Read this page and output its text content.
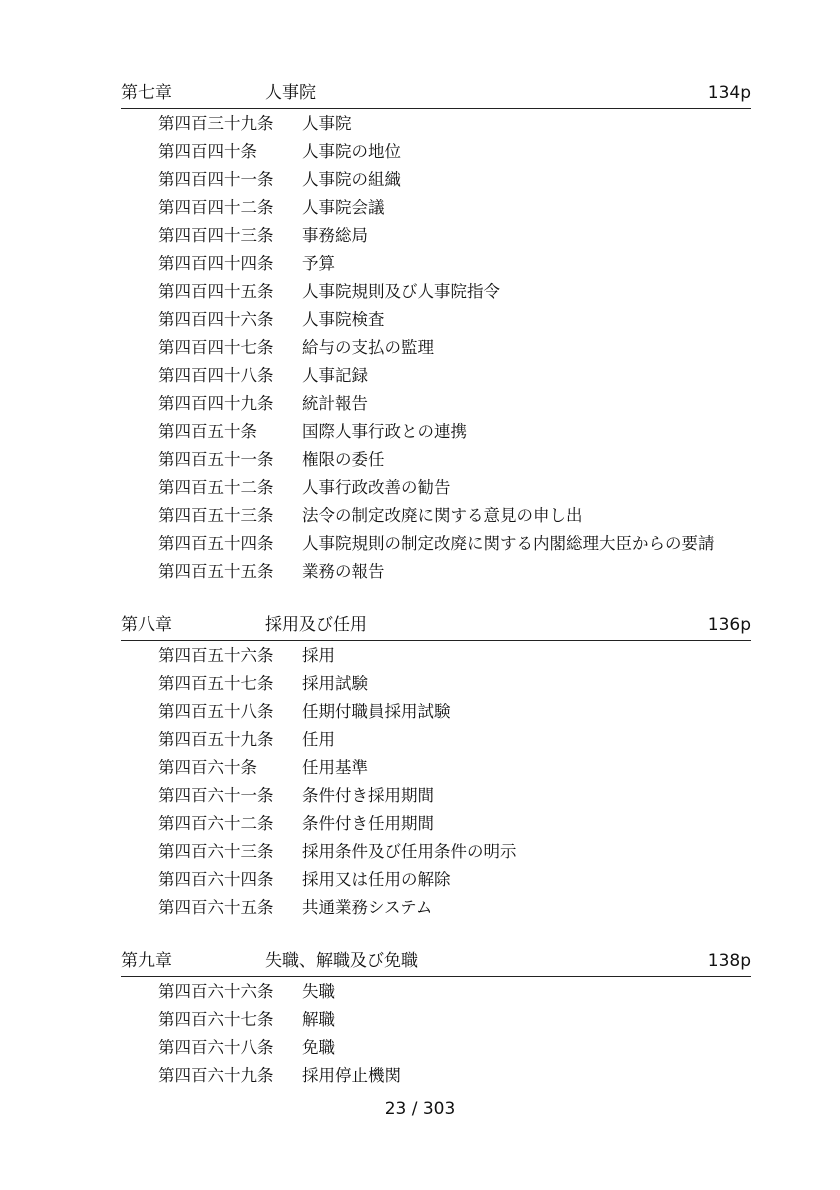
第七章	人事院	134p
第四百三十九条 人事院
第四百四十条	人事院の地位
第四百四十一条 人事院の組織
第四百四十二条 人事院会議
第四百四十三条 事務総局
第四百四十四条 予算
第四百四十五条 人事院規則及び人事院指令
第四百四十六条 人事院検査
第四百四十七条 給与の支払の監理
第四百四十八条 人事記録
第四百四十九条 統計報告
第四百五十条	国際人事行政との連携
第四百五十一条 権限の委任
第四百五十二条 人事行政改善の勧告
第四百五十三条 法令の制定改廃に関する意見の申し出
第四百五十四条 人事院規則の制定改廃に関する内閣総理大臣からの要請
第四百五十五条 業務の報告
第八章	採用及び任用	136p
第四百五十六条 採用
第四百五十七条 採用試験
第四百五十八条 任期付職員採用試験
第四百五十九条 任用
第四百六十条	任用基準
第四百六十一条 条件付き採用期間
第四百六十二条 条件付き任用期間
第四百六十三条 採用条件及び任用条件の明示
第四百六十四条 採用又は任用の解除
第四百六十五条 共通業務システム
第九章	失職、解職及び免職	138p
第四百六十六条 失職
第四百六十七条 解職
第四百六十八条 免職
第四百六十九条 採用停止機関
23 / 303
